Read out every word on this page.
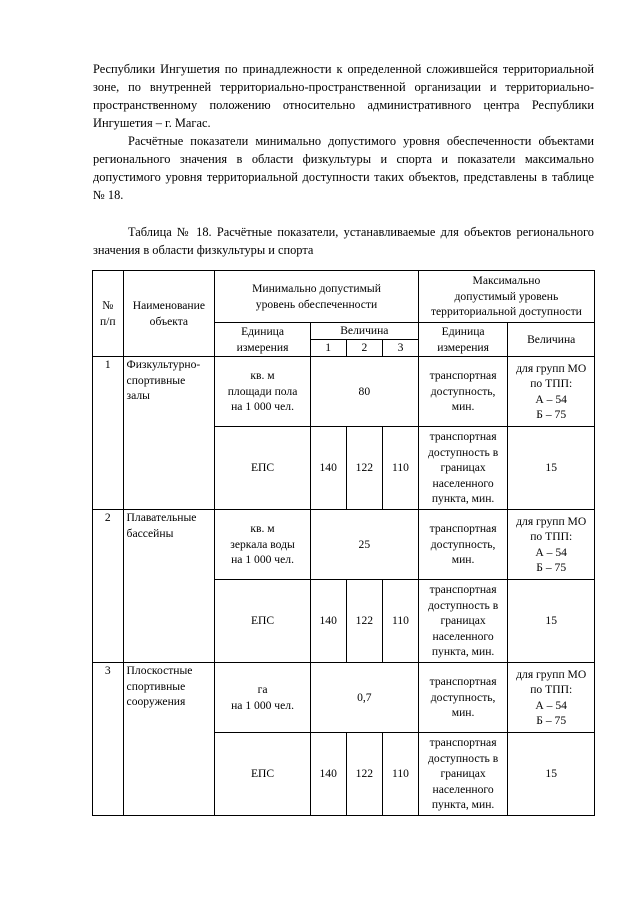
Республики Ингушетия по принадлежности к определенной сложившейся территориальной зоне, по внутренней территориально-пространственной организации и территориально-пространственному положению относительно административного центра Республики Ингушетия – г. Магас.

Расчётные показатели минимально допустимого уровня обеспеченности объектами регионального значения в области физкультуры и спорта и показатели максимально допустимого уровня территориальной доступности таких объектов, представлены в таблице № 18.

Таблица № 18. Расчётные показатели, устанавливаемые для объектов регионального значения в области физкультуры и спорта

№
п/п	Наименование
объекта	Минимально допустимый
уровень обеспеченности				Максимально
допустимый уровень
территориальной доступности	
		Единица
измерения	Величина			Единица
измерения	Величина
			1	2	3		
1	Физкультурно-
спортивные
залы	кв. м
площади пола
на 1 000 чел.	80			транспортная
доступность,
мин.	для групп МО
по ТПП:
А – 54
Б – 75
		ЕПС	140	122	110	транспортная
доступность в
границах
населенного
пункта, мин.	15
2	Плавательные
бассейны	кв. м
зеркала воды
на 1 000 чел.	25			транспортная
доступность,
мин.	для групп МО
по ТПП:
А – 54
Б – 75
		ЕПС	140	122	110	транспортная
доступность в
границах
населенного
пункта, мин.	15
3	Плоскостные
спортивные
сооружения	га
на 1 000 чел.	0,7			транспортная
доступность,
мин.	для групп МО
по ТПП:
А – 54
Б – 75
		ЕПС	140	122	110	транспортная
доступность в
границах
населенного
пункта, мин.	15
